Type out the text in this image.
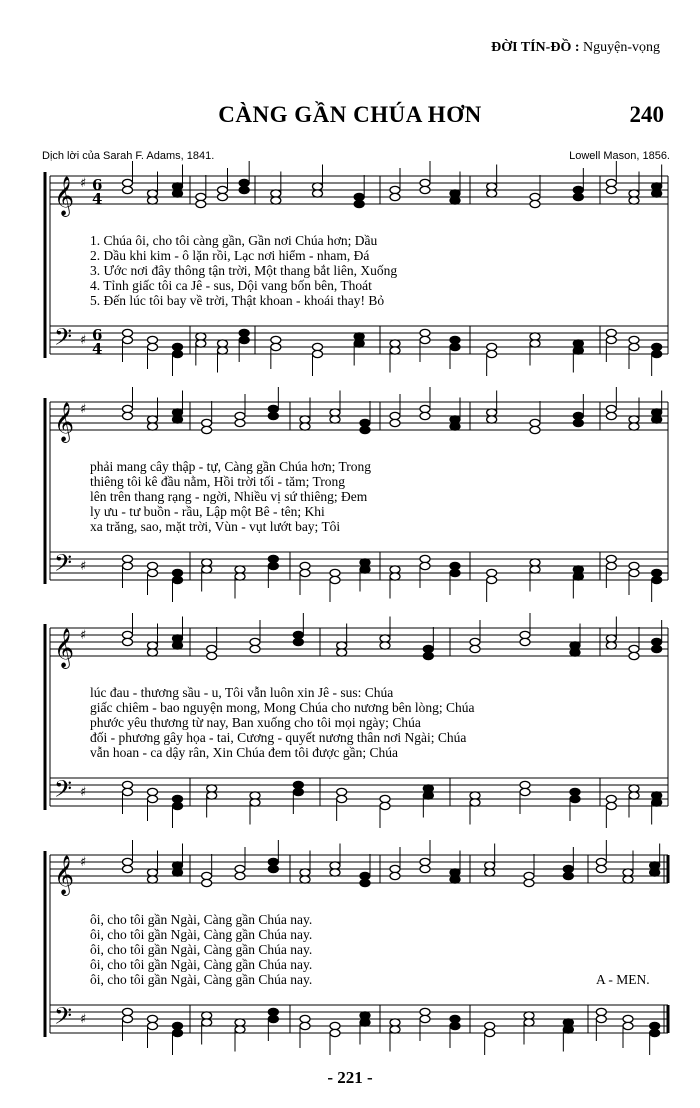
ĐỜI TÍN-ĐỒ : Nguyện-vọng
CÀNG GẦN CHÚA HƠN	240
Dịch lời của Sarah F. Adams, 1841.	Lowell Mason, 1856.
𝄞
𝄢
♯
♯
6
4
6
4
𝄞
𝄢
♯
♯
𝄞
𝄢
♯
♯
𝄞
𝄢
♯
♯
1. Chúa ôi, cho tôi càng gần, Gần nơi Chúa hơn; Dầu
2. Dầu khi kim - ô lặn rồi, Lạc nơi hiểm - nham, Đá
3. Ước nơi đây thông tận trời, Một thang bắt liên, Xuống
4. Tỉnh giấc tôi ca Jê - sus, Dội vang bốn bên, Thoát
5. Đến lúc tôi bay về trời, Thật khoan - khoái thay! Bỏ
phải mang cây thập - tự, Càng gần Chúa hơn; Trong
thiêng tôi kê đầu nằm, Hồi trời tối - tăm; Trong
lên trên thang rạng - ngời, Nhiều vị sứ thiêng; Đem
ly ưu - tư buồn - rầu, Lập một Bê - tên; Khi
xa trăng, sao, mặt trời, Vùn - vụt lướt bay; Tôi
lúc đau - thương sầu - u, Tôi vẫn luôn xin Jê - sus: Chúa
giấc chiêm - bao nguyện mong, Mong Chúa cho nương bên lòng; Chúa
phước yêu thương từ nay, Ban xuống cho tôi mọi ngày; Chúa
đối - phương gây họa - tai, Cương - quyết nương thân nơi Ngài; Chúa
vẫn hoan - ca dậy rân, Xin Chúa đem tôi được gần; Chúa
ôi, cho tôi gần Ngài, Càng gần Chúa nay.
ôi, cho tôi gần Ngài, Càng gần Chúa nay.
ôi, cho tôi gần Ngài, Càng gần Chúa nay.
ôi, cho tôi gần Ngài, Càng gần Chúa nay.
ôi, cho tôi gần Ngài, Càng gần Chúa nay.	A - MEN.
- 221 -
